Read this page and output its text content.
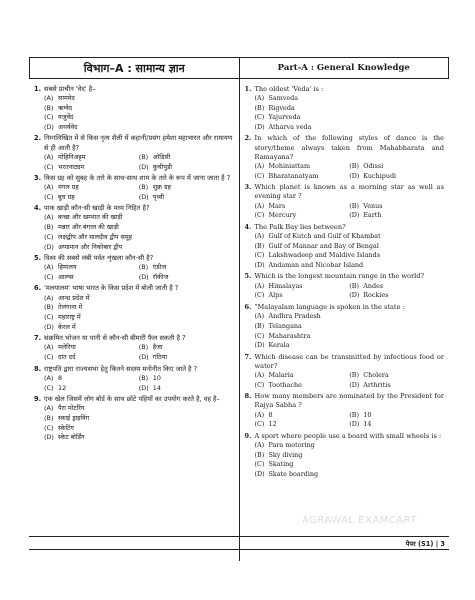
विभाग–A : सामान्य ज्ञान	Part-A : General Knowledge
1. सबसे प्राचीन 'वेद' है–
(A) सामवेद
(B) ऋग्वेद
(C) यजुर्वेद
(D) अथर्ववेद
2. निम्नलिखित में से किस नृत्य शैली में कहानी/प्रसंग हमेशा महाभारत और रामायण से ही आती है?
(A) मोहिनिअट्टम	(B) ओडिसी
(C) भरतनाट्यम	(D) कुचीपुडी
3. किस ग्रह को सुबह के तारे के साथ-साथ शाम के तारे के रूप में जाना जाता है ?
(A) मंगल ग्रह	(B) शुक्र ग्रह
(C) बुध ग्रह	(D) पृथ्वी
4. पाक खाड़ी कौन-सी खाड़ी के मध्य निहित है?
(A) कच्छ और खम्भात की खाड़ी
(B) मन्नार और बंगाल की खाड़ी
(C) लक्षद्वीप और मालदीव द्वीप समूह
(D) अण्डमान और निकोबार द्वीप
5. विश्व की सबसे लंबी पर्वत शृंखला कौन-सी है?
(A) हिमालय	(B) एंडीज
(C) आल्प्स	(D) रॉकीज
6. 'मलयालम' भाषा भारत के किस प्रदेश में बोली जाती है ?
(A) आन्ध्र प्रदेश में
(B) तेलंगाना में
(C) महाराष्ट्र में
(D) केरल में
7. संक्रमित भोजन या पानी से कौन-सी बीमारी फैल सकती है ?
(A) मलेरिया	(B) हैजा
(C) दांत दर्द	(D) गठिया
8. राष्ट्रपति द्वारा राज्यसभा हेतु कितने सदस्य मनोनीत किए जाते है ?
(A) 8	(B) 10
(C) 12	(D) 14
9. एक खेल जिसमें लोग बोर्ड के साथ छोटे पहियों का उपयोग करते है, वह है–
(A) पैरा मोटरिंग
(B) स्काई ड्राइविंग
(C) स्केटिंग
(D) स्केट बोर्डिंग
1. The oldest 'Veda' is :
(A) Samveda
(B) Rigveda
(C) Yajurveda
(D) Atharva veda
2. In which of the following styles of dance is the story/theme always taken from Mahabharata and Ramayana?
(A) Mohiniattam	(B) Odissi
(C) Bharatanatyam	(D) Kuchipudi
3. Which planet is known as a morning star as well as evening star ?
(A) Mars	(B) Venus
(C) Mercury	(D) Earth
4. The Palk Bay lies between?
(A) Gulf of Kutch and Gulf of Khambat
(B) Gulf of Mannar and Bay of Bengal
(C) Lakshwadeep and Maldive Islands
(D) Andaman and Nicobar Island
5. Which is the longest mountain range in the world?
(A) Himalayas	(B) Andes
(C) Alps	(D) Rockies
6. "Malayalam language is spoken in the state :
(A) Andhra Pradesh
(B) Telangana
(C) Maharashtra
(D) Kerala
7. Which disease can be transmitted by infectious food or water?
(A) Malaria	(B) Cholera
(C) Toothache	(D) Arthritis
8. How many members are nominated by the President for Rajya Sabha ?
(A) 8	(B) 10
(C) 12	(D) 14
9. A sport where people use a board with small wheels is :
(A) Para motoring
(B) Sky diving
(C) Skating
(D) Skate boarding
AGRAWAL EXAMCART
पेपर (S1) | 3
